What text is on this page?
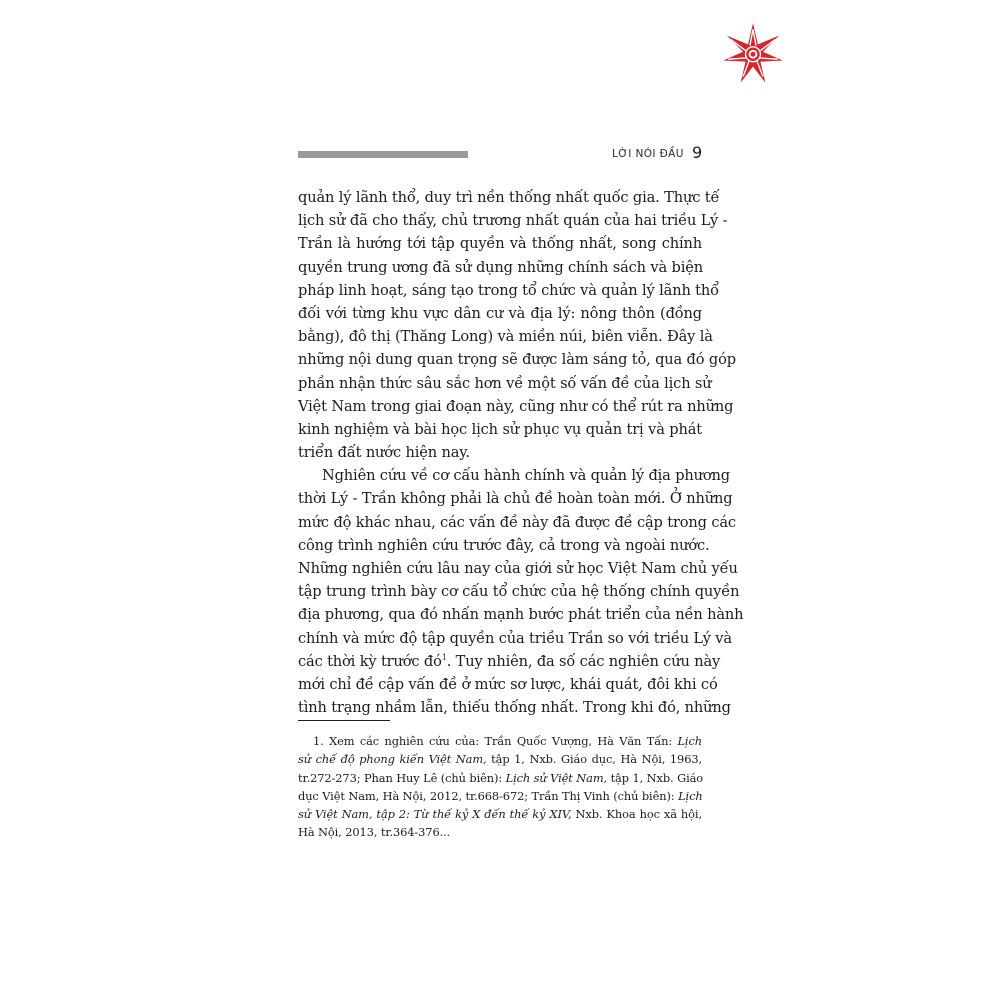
LỜI NÓI ĐẦU 9
quản lý lãnh thổ, duy trì nền thống nhất quốc gia. Thực tế
lịch sử đã cho thấy, chủ trương nhất quán của hai triều Lý -
Trần là hướng tới tập quyền và thống nhất, song chính
quyền trung ương đã sử dụng những chính sách và biện
pháp linh hoạt, sáng tạo trong tổ chức và quản lý lãnh thổ
đối với từng khu vực dân cư và địa lý: nông thôn (đồng
bằng), đô thị (Thăng Long) và miền núi, biên viễn. Đây là
những nội dung quan trọng sẽ được làm sáng tỏ, qua đó góp
phần nhận thức sâu sắc hơn về một số vấn đề của lịch sử
Việt Nam trong giai đoạn này, cũng như có thể rút ra những
kinh nghiệm và bài học lịch sử phục vụ quản trị và phát
triển đất nước hiện nay.
Nghiên cứu về cơ cấu hành chính và quản lý địa phương
thời Lý - Trần không phải là chủ đề hoàn toàn mới. Ở những
mức độ khác nhau, các vấn đề này đã được đề cập trong các
công trình nghiên cứu trước đây, cả trong và ngoài nước.
Những nghiên cứu lâu nay của giới sử học Việt Nam chủ yếu
tập trung trình bày cơ cấu tổ chức của hệ thống chính quyền
địa phương, qua đó nhấn mạnh bước phát triển của nền hành
chính và mức độ tập quyền của triều Trần so với triều Lý và
các thời kỳ trước $đó^1$. Tuy nhiên, đa số các nghiên cứu này
mới chỉ đề cập vấn đề ở mức sơ lược, khái quát, đôi khi có
tình trạng nhầm lẫn, thiếu thống nhất. Trong khi đó, những
1. Xem các nghiên cứu của: Trần Quốc Vượng, Hà Văn Tấn: Lịch
sử chế độ phong kiến Việt Nam, tập 1, Nxb. Giáo dục, Hà Nội, 1963,
tr.272-273; Phan Huy Lê (chủ biên): Lịch sử Việt Nam, tập 1, Nxb. Giáo
dục Việt Nam, Hà Nội, 2012, tr.668-672; Trần Thị Vinh (chủ biên): Lịch
sử Việt Nam, tập 2: Từ thế kỷ X đến thế kỷ XIV, Nxb. Khoa học xã hội,
Hà Nội, 2013, tr.364-376...
